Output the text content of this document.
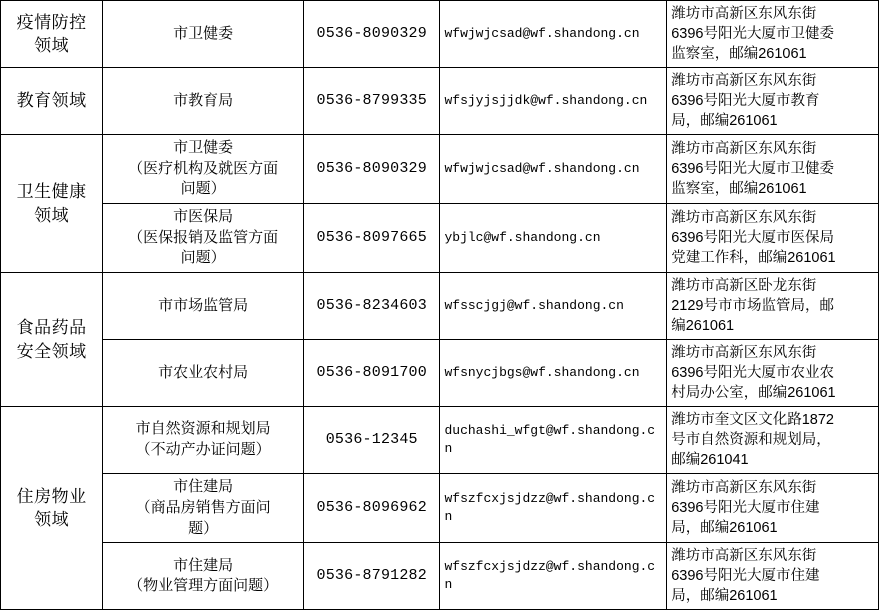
疫情防控
领域	市卫健委	0536-8090329	wfwjwjcsad@wf.shandong.cn	潍坊市高新区东风东街
6396号阳光大厦市卫健委
监察室，邮编261061

教育领域	市教育局	0536-8799335	wfsjyjsjjdk@wf.shandong.cn	潍坊市高新区东风东街
6396号阳光大厦市教育
局，邮编261061

卫生健康
领域	市卫健委
（医疗机构及就医方面
问题）	0536-8090329	wfwjwjcsad@wf.shandong.cn	潍坊市高新区东风东街
6396号阳光大厦市卫健委
监察室，邮编261061

	市医保局
（医保报销及监管方面
问题）	0536-8097665	ybjlc@wf.shandong.cn	潍坊市高新区东风东街
6396号阳光大厦市医保局
党建工作科，邮编261061

食品药品
安全领域	市市场监管局	0536-8234603	wfsscjgj@wf.shandong.cn	潍坊市高新区卧龙东街
2129号市市场监管局，邮
编261061

	市农业农村局	0536-8091700	wfsnycjbgs@wf.shandong.cn	潍坊市高新区东风东街
6396号阳光大厦市农业农
村局办公室，邮编261061

住房物业
领域	市自然资源和规划局
（不动产办证问题）	0536-12345	duchashi_wfgt@wf.shandong.cn	潍坊市奎文区文化路1872
号市自然资源和规划局，
邮编261041

	市住建局
（商品房销售方面问
题）	0536-8096962	wfszfcxjsjdzz@wf.shandong.cn	潍坊市高新区东风东街
6396号阳光大厦市住建
局，邮编261061

	市住建局
（物业管理方面问题）	0536-8791282	wfszfcxjsjdzz@wf.shandong.cn	潍坊市高新区东风东街
6396号阳光大厦市住建
局，邮编261061
